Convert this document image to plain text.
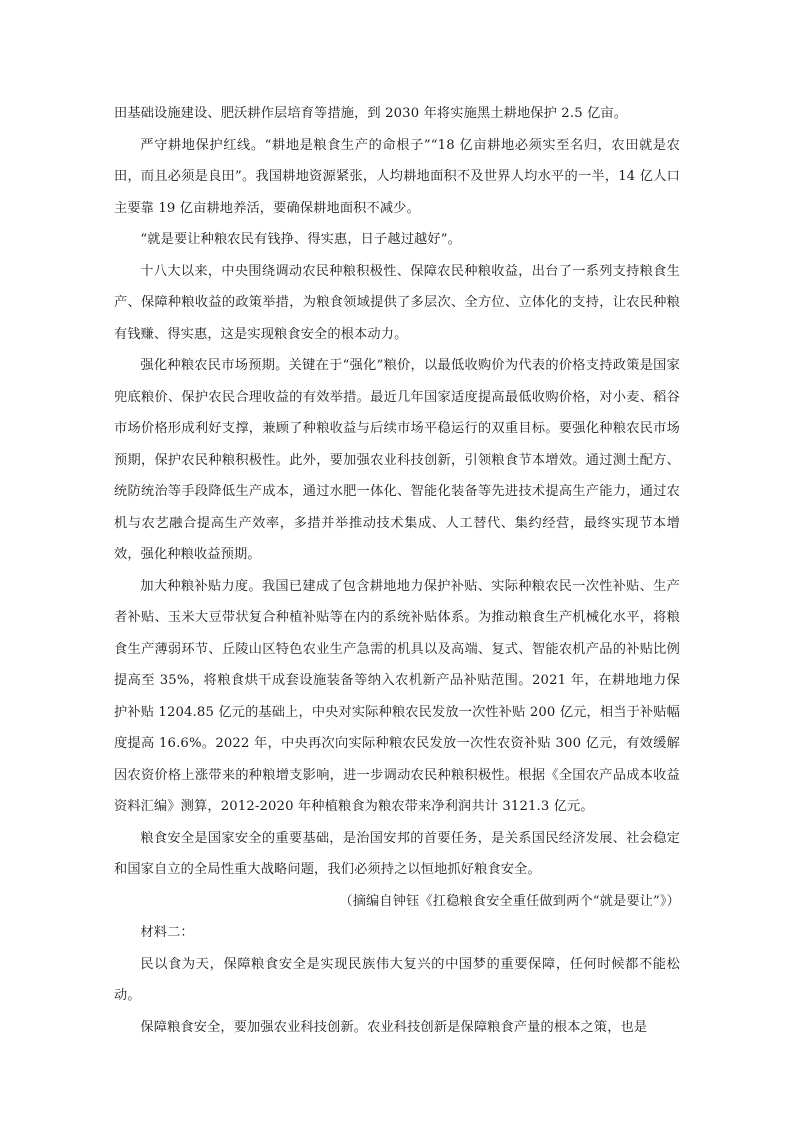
田基础设施建设、肥沃耕作层培育等措施，到 2030 年将实施黑土耕地保护 2.5 亿亩。

严守耕地保护红线。“耕地是粮食生产的命根子”“18 亿亩耕地必须实至名归，农田就是农田，而且必须是良田”。我国耕地资源紧张，人均耕地面积不及世界人均水平的一半，14 亿人口主要靠 19 亿亩耕地养活，要确保耕地面积不减少。

“就是要让种粮农民有钱挣、得实惠，日子越过越好”。

十八大以来，中央围绕调动农民种粮积极性、保障农民种粮收益，出台了一系列支持粮食生产、保障种粮收益的政策举措，为粮食领域提供了多层次、全方位、立体化的支持，让农民种粮有钱赚、得实惠，这是实现粮食安全的根本动力。

强化种粮农民市场预期。关键在于“强化”粮价，以最低收购价为代表的价格支持政策是国家兜底粮价、保护农民合理收益的有效举措。最近几年国家适度提高最低收购价格，对小麦、稻谷市场价格形成利好支撑，兼顾了种粮收益与后续市场平稳运行的双重目标。要强化种粮农民市场预期，保护农民种粮积极性。此外，要加强农业科技创新，引领粮食节本增效。通过测土配方、统防统治等手段降低生产成本，通过水肥一体化、智能化装备等先进技术提高生产能力，通过农机与农艺融合提高生产效率，多措并举推动技术集成、人工替代、集约经营，最终实现节本增效，强化种粮收益预期。

加大种粮补贴力度。我国已建成了包含耕地地力保护补贴、实际种粮农民一次性补贴、生产者补贴、玉米大豆带状复合种植补贴等在内的系统补贴体系。为推动粮食生产机械化水平，将粮食生产薄弱环节、丘陵山区特色农业生产急需的机具以及高端、复式、智能农机产品的补贴比例提高至 35%，将粮食烘干成套设施装备等纳入农机新产品补贴范围。2021 年，在耕地地力保护补贴 1204.85 亿元的基础上，中央对实际种粮农民发放一次性补贴 200 亿元，相当于补贴幅度提高 16.6%。2022 年，中央再次向实际种粮农民发放一次性农资补贴 300 亿元，有效缓解因农资价格上涨带来的种粮增支影响，进一步调动农民种粮积极性。根据《全国农产品成本收益资料汇编》测算，2012-2020 年种植粮食为粮农带来净利润共计 3121.3 亿元。

粮食安全是国家安全的重要基础，是治国安邦的首要任务，是关系国民经济发展、社会稳定和国家自立的全局性重大战略问题，我们必须持之以恒地抓好粮食安全。

（摘编自钟钰《扛稳粮食安全重任做到两个“就是要让”》）

材料二：

民以食为天，保障粮食安全是实现民族伟大复兴的中国梦的重要保障，任何时候都不能松动。

保障粮食安全，要加强农业科技创新。农业科技创新是保障粮食产量的根本之策，也是
